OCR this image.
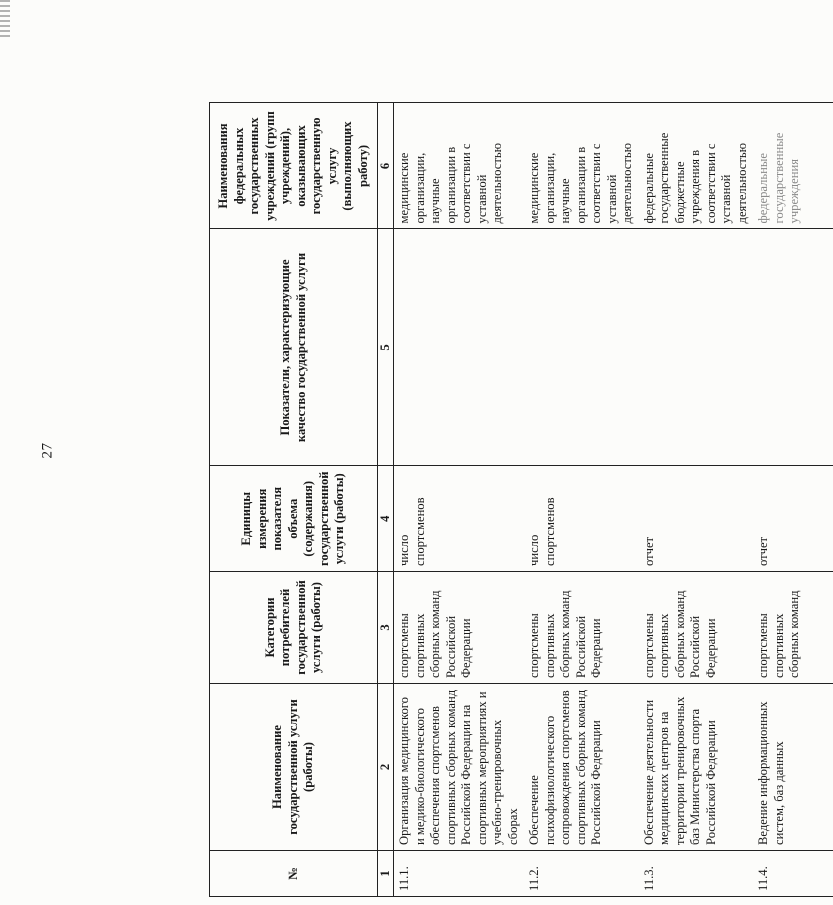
27
№	Наименование государственной услуги (работы)	Категории потребителей государственной услуги (работы)	Единицы измерения показателя объема (содержания) государственной услуги (работы)	Показатели, характеризующие качество государственной услуги	Наименования федеральных государственных учреждений (групп учреждений), оказывающих государственную услугу (выполняющих работу)
1	2	3	4	5	6
11.1.	Организация медицинского и медико-биологического обеспечения спортсменов спортивных сборных команд Российской Федерации на спортивных мероприятиях и учебно-тренировочных сборах	спортсмены спортивных сборных команд Российской Федерации	число спортсменов		медицинские организации, научные организации в соответствии с уставной деятельностью
11.2.	Обеспечение психофизиологического сопровождения спортсменов спортивных сборных команд Российской Федерации	спортсмены спортивных сборных команд Российской Федерации	число спортсменов		медицинские организации, научные организации в соответствии с уставной деятельностью
11.3.	Обеспечение деятельности медицинских центров на территории тренировочных баз Министерства спорта Российской Федерации	спортсмены спортивных сборных команд Российской Федерации	отчет		федеральные государственные бюджетные учреждения в соответствии с уставной деятельностью
11.4.	Ведение информационных систем, баз данных	спортсмены спортивных сборных команд	отчет		федеральные государственные учреждения
